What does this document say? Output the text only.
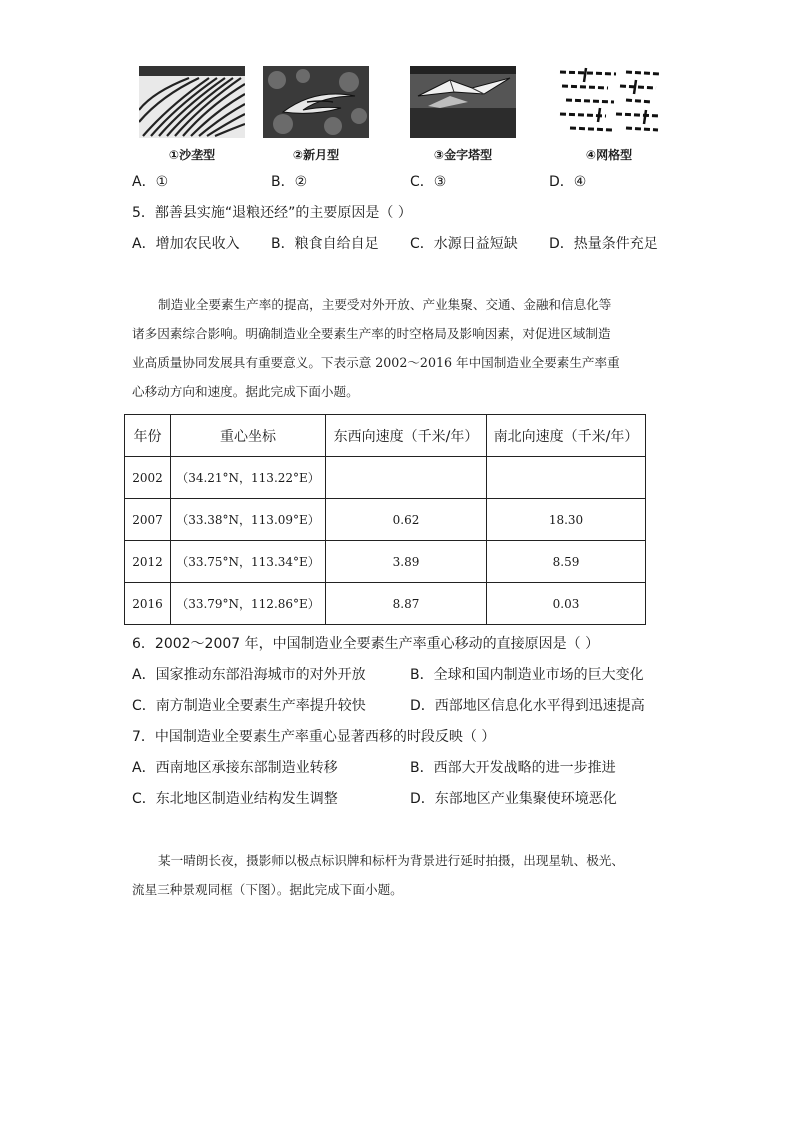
①沙垄型	②新月型	③金字塔型	④网格型
A．①	B．②	C．③	D．④
5．鄯善县实施“退粮还经”的主要原因是（ ）
A．增加农民收入 B．粮食自给自足 C．水源日益短缺 D．热量条件充足
制造业全要素生产率的提高，主要受对外开放、产业集聚、交通、金融和信息化等
诸多因素综合影响。明确制造业全要素生产率的时空格局及影响因素，对促进区域制造
业高质量协同发展具有重要意义。下表示意 2002～2016 年中国制造业全要素生产率重
心移动方向和速度。据此完成下面小题。
年份	重心坐标	东西向速度（千米/年）	南北向速度（千米/年）
2002	（34.21°N，113.22°E）		
2007	（33.38°N，113.09°E）	0.62	18.30
2012	（33.75°N，113.34°E）	3.89	8.59
2016	（33.79°N，112.86°E）	8.87	0.03
6．2002～2007 年，中国制造业全要素生产率重心移动的直接原因是（ ）
A．国家推动东部沿海城市的对外开放	B．全球和国内制造业市场的巨大变化
C．南方制造业全要素生产率提升较快	D．西部地区信息化水平得到迅速提高
7．中国制造业全要素生产率重心显著西移的时段反映（ ）
A．西南地区承接东部制造业转移	B．西部大开发战略的进一步推进
C．东北地区制造业结构发生调整	D．东部地区产业集聚使环境恶化
某一晴朗长夜，摄影师以极点标识牌和标杆为背景进行延时拍摄，出现星轨、极光、
流星三种景观同框（下图）。据此完成下面小题。
